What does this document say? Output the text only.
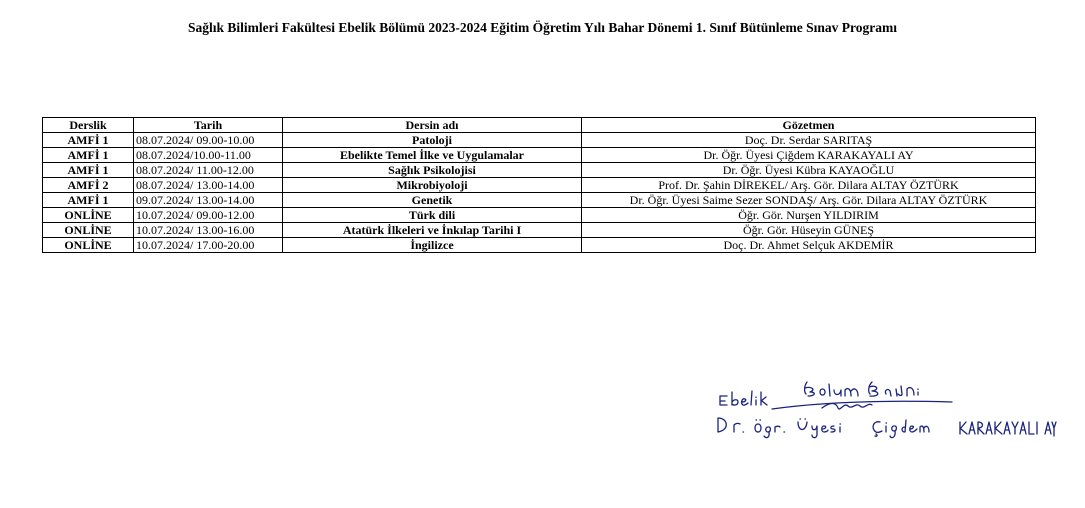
Sağlık Bilimleri Fakültesi Ebelik Bölümü 2023-2024 Eğitim Öğretim Yılı Bahar Dönemi 1. Sınıf Bütünleme Sınav Programı
Derslik	Tarih	Dersin adı	Gözetmen
AMFİ 1	08.07.2024/ 09.00-10.00	Patoloji	Doç. Dr. Serdar SARITAŞ
AMFİ 1	08.07.2024/10.00-11.00	Ebelikte Temel İlke ve Uygulamalar	Dr. Öğr. Üyesi Çiğdem KARAKAYALI AY
AMFİ 1	08.07.2024/ 11.00-12.00	Sağlık Psikolojisi	Dr. Öğr. Üyesi Kübra KAYAOĞLU
AMFİ 2	08.07.2024/ 13.00-14.00	Mikrobiyoloji	Prof. Dr. Şahin DİREKEL/ Arş. Gör. Dilara ALTAY ÖZTÜRK
AMFİ 1	09.07.2024/ 13.00-14.00	Genetik	Dr. Öğr. Üyesi Saime Sezer SONDAŞ/ Arş. Gör. Dilara ALTAY ÖZTÜRK
ONLİNE	10.07.2024/ 09.00-12.00	Türk dili	Öğr. Gör. Nurşen YILDIRIM
ONLİNE	10.07.2024/ 13.00-16.00	Atatürk İlkeleri ve İnkılap Tarihi I	Öğr. Gör. Hüseyin GÜNEŞ
ONLİNE	10.07.2024/ 17.00-20.00	İngilizce	Doç. Dr. Ahmet Selçuk AKDEMİR
